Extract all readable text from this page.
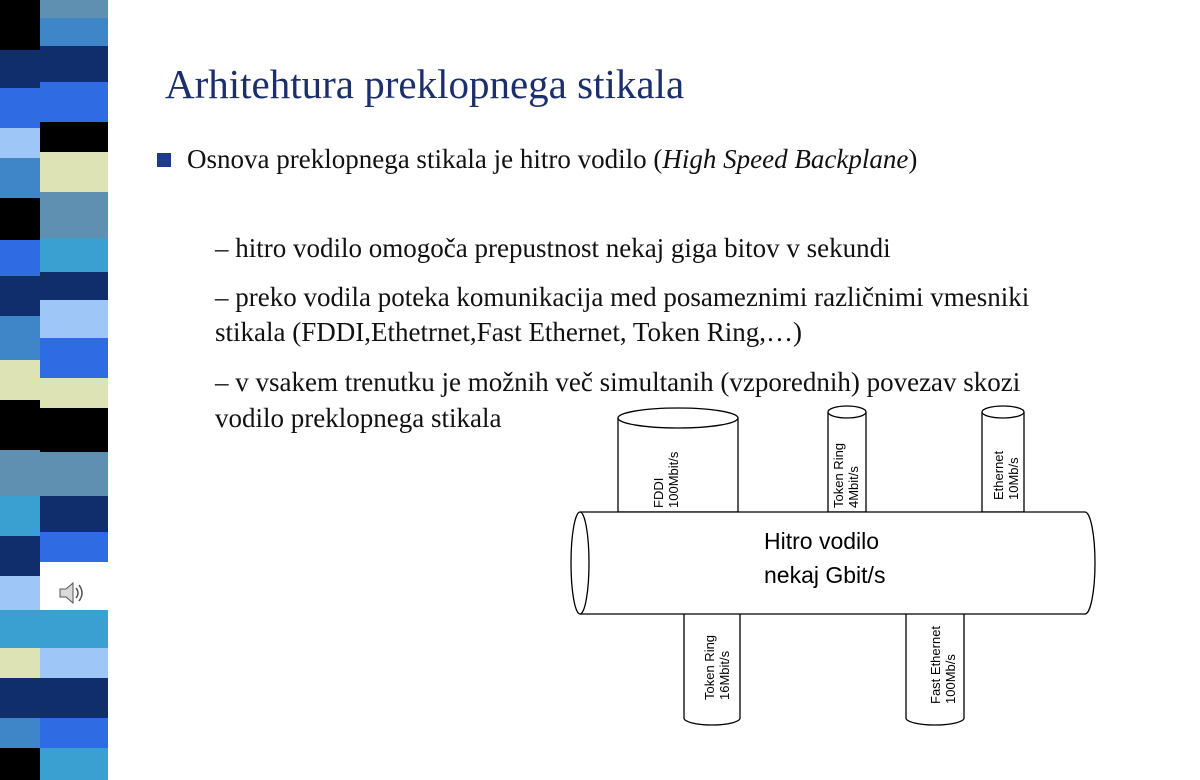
Arhitehtura preklopnega stikala
Osnova preklopnega stikala je hitro vodilo (High Speed Backplane)
– hitro vodilo omogoča prepustnost nekaj giga bitov v sekundi
– preko vodila poteka komunikacija med posameznimi različnimi vmesniki
stikala (FDDI,Ethetrnet,Fast Ethernet, Token Ring,…)
– v vsakem trenutku je možnih več simultanih (vzporednih) povezav skozi
vodilo preklopnega stikala
FDDI 100Mbit/s	Token Ring 4Mbit/s	Ethernet 10Mb/s
Token Ring 16Mbit/s	Fast Ethernet 100Mb/s
Hitro vodilo
nekaj Gbit/s
